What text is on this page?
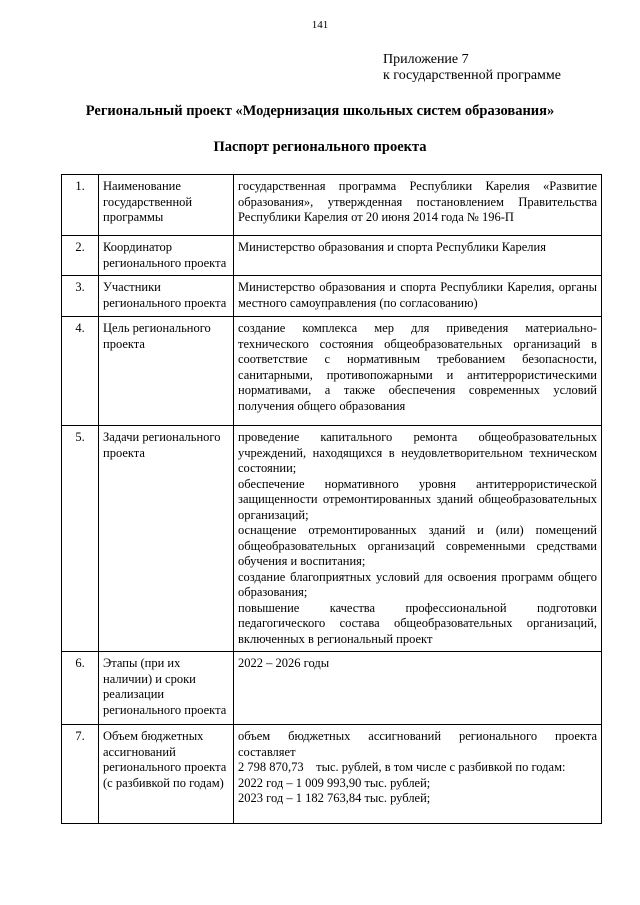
141
Приложение 7
к государственной программе
Региональный проект «Модернизация школьных систем образования»
Паспорт регионального проекта
1.	Наименование государственной программы	государственная программа Республики Карелия «Развитие образования», утвержденная постановлением Правительства Республики Карелия от 20 июня 2014 года № 196-П

2.	Координатор регионального проекта	Министерство образования и спорта Республики Карелия

3.	Участники регионального проекта	Министерство образования и спорта Республики Карелия, органы местного самоуправления (по согласованию)

4.	Цель регионального проекта	создание комплекса мер для приведения материально-технического состояния общеобразовательных организаций в соответствие с нормативным требованием безопасности, санитарными, противопожарными и антитеррористическими нормативами, а также обеспечения современных условий получения общего образования

5.	Задачи регионального проекта	проведение капитального ремонта общеобразовательных учреждений, находящихся в неудовлетворительном техническом состоянии;
обеспечение нормативного уровня антитеррористической защищенности отремонтированных зданий общеобразовательных организаций;
оснащение отремонтированных зданий и (или) помещений общеобразовательных организаций современными средствами обучения и воспитания;
создание благоприятных условий для освоения программ общего образования;
повышение качества профессиональной подготовки педагогического состава общеобразовательных организаций, включенных в региональный проект

6.	Этапы (при их наличии) и сроки реализации регионального проекта	2022 – 2026 годы

7.	Объем бюджетных ассигнований регионального проекта (с разбивкой по годам)	объем бюджетных ассигнований регионального проекта составляет
2 798 870,73    тыс. рублей, в том числе с разбивкой по годам:
2022 год – 1 009 993,90 тыс. рублей;
2023 год – 1 182 763,84 тыс. рублей;
